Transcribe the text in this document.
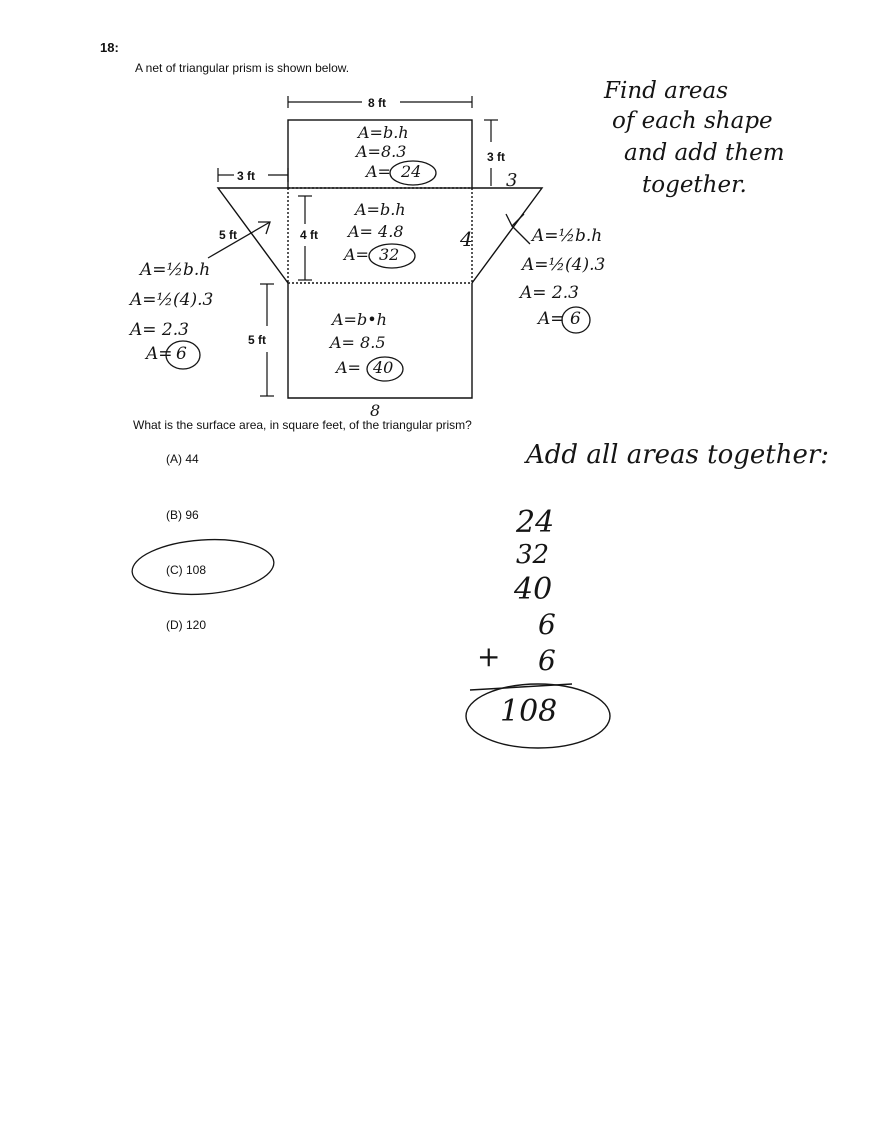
18:
A net of triangular prism is shown below.
What is the surface area, in square feet, of the triangular prism?
(A) 44
(B) 96
(C) 108
(D) 120
8 ft
3 ft
3 ft
5 ft	4 ft
5 ft
3
4
8
Find areas
of each shape
and add them
together.
A=b.h
A=8.3
A= 24
A=b.h
A= 4.8
A= 32
A=b•h
A= 8.5
A= 40
A=½b.h
A=½(4).3
A= 2.3
A= 6
A=½b.h
A=½(4).3
A= 2.3
A= 6
Add all areas together:
24
32
40
6
+ 6
108
